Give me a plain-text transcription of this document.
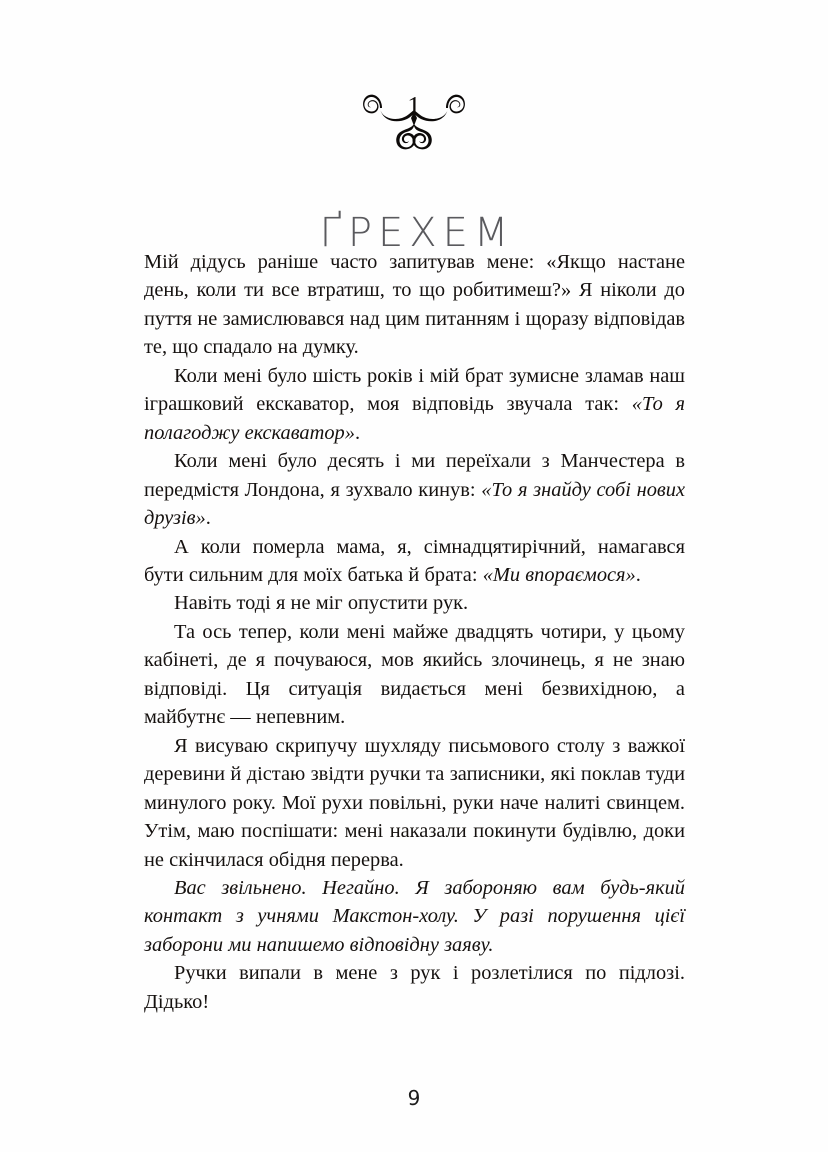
1
ҐРЕХЕМ

Мій дідусь раніше часто запитував мене: «Якщо настане день, коли ти все втратиш, то що робитимеш?» Я ніколи до пуття не замислювався над цим питанням і щоразу відповідав те, що спадало на думку.

Коли мені було шість років і мій брат зумисне зламав наш іграшковий екскаватор, моя відповідь звучала так: «То я полагоджу екскаватор».

Коли мені було десять і ми переїхали з Манчестера в передмістя Лондона, я зухвало кинув: «То я знайду собі нових друзів».

А коли померла мама, я, сімнадцятирічний, намагався бути сильним для моїх батька й брата: «Ми впораємося».

Навіть тоді я не міг опустити рук.

Та ось тепер, коли мені майже двадцять чотири, у цьому кабінеті, де я почуваюся, мов якийсь злочинець, я не знаю відповіді. Ця ситуація видається мені безвихідною, а майбутнє — непевним.

Я висуваю скрипучу шухляду письмового столу з важкої деревини й дістаю звідти ручки та записники, які поклав туди минулого року. Мої рухи повільні, руки наче налиті свинцем. Утім, маю поспішати: мені наказали покинути будівлю, доки не скінчилася обідня перерва.

Вас звільнено. Негайно. Я забороняю вам будь-який контакт з учнями Макстон-холу. У разі порушення цієї заборони ми напишемо відповідну заяву.

Ручки випали в мене з рук і розлетілися по підлозі. Дідько!

9
